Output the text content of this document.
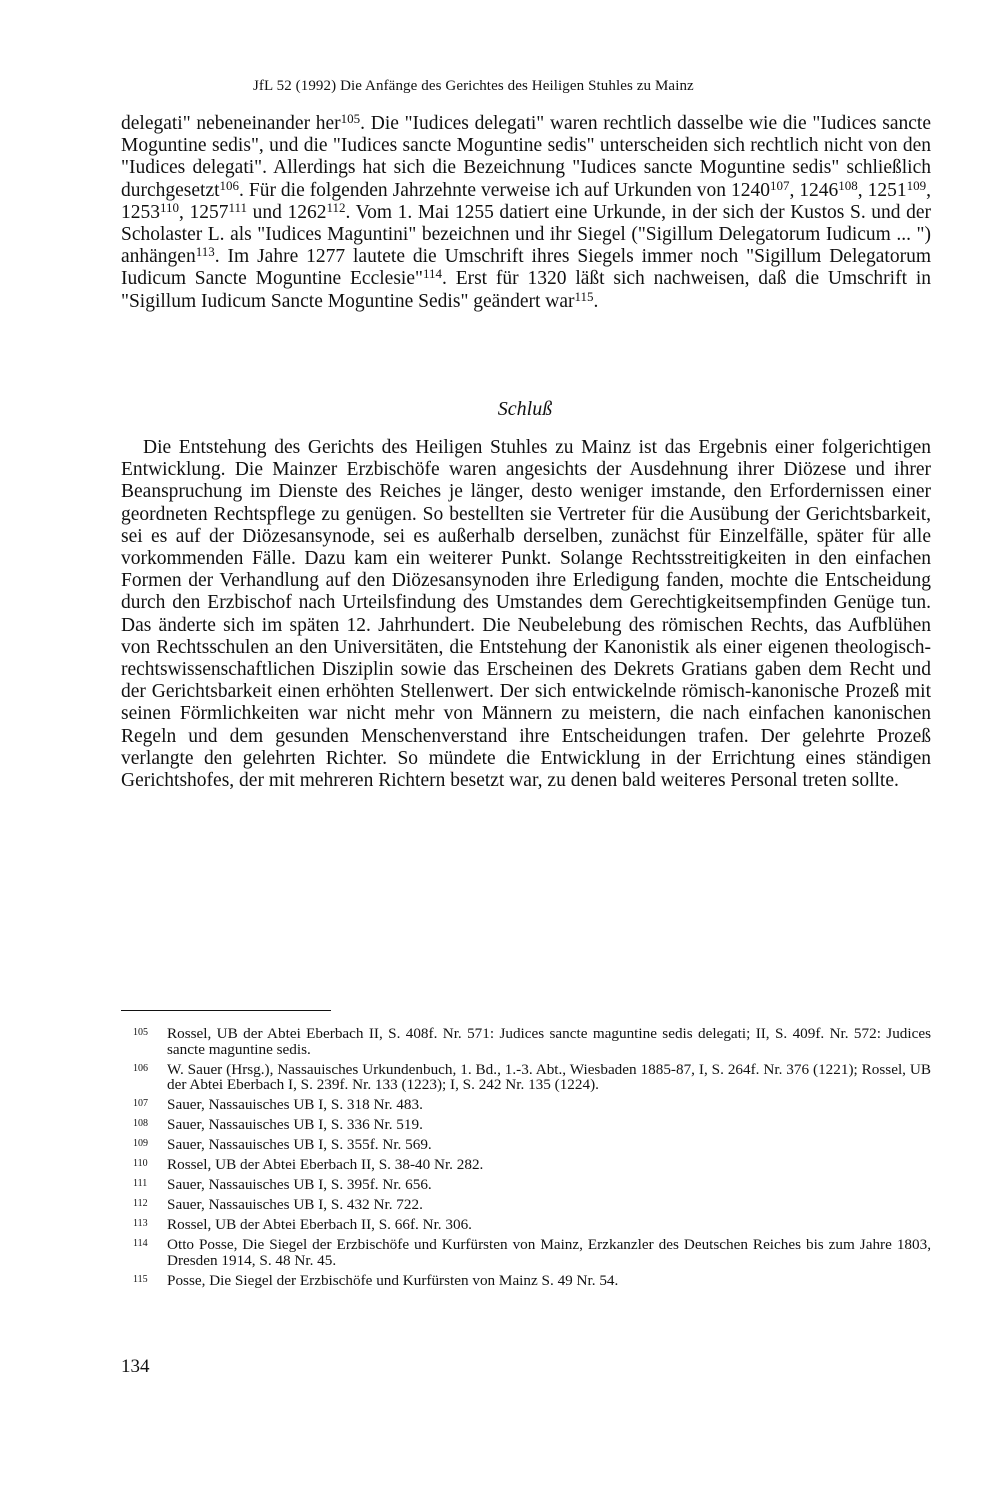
JfL 52 (1992) Die Anfänge des Gerichtes des Heiligen Stuhles zu Mainz

delegati" nebeneinander her$^{105}$. Die "Iudices delegati" waren rechtlich dasselbe wie die "Iudices sancte Moguntine sedis", und die "Iudices sancte Moguntine sedis" unterscheiden sich rechtlich nicht von den "Iudices delegati". Allerdings hat sich die Bezeichnung "Iudices sancte Moguntine sedis" schließlich durchgesetzt$^{106}$. Für die folgenden Jahrzehnte verweise ich auf Urkunden von 1240$^{107}$, 1246$^{108}$, 1251$^{109}$, 1253$^{110}$, 1257$^{111}$ und 1262$^{112}$. Vom 1. Mai 1255 datiert eine Urkunde, in der sich der Kustos S. und der Scholaster L. als "Iudices Maguntini" bezeichnen und ihr Siegel ("Sigillum Delegatorum Iudicum ... ") anhängen$^{113}$. Im Jahre 1277 lautete die Umschrift ihres Siegels immer noch "Sigillum Delegatorum Iudicum Sancte Moguntine Ecclesie"$^{114}$. Erst für 1320 läßt sich nachweisen, daß die Umschrift in "Sigillum Iudicum Sancte Moguntine Sedis" geändert war$^{115}$.

Schluß

Die Entstehung des Gerichts des Heiligen Stuhles zu Mainz ist das Ergebnis einer folgerichtigen Entwicklung. Die Mainzer Erzbischöfe waren angesichts der Ausdehnung ihrer Diözese und ihrer Beanspruchung im Dienste des Reiches je länger, desto weniger imstande, den Erfordernissen einer geordneten Rechtspflege zu genügen. So bestellten sie Vertreter für die Ausübung der Gerichtsbarkeit, sei es auf der Diözesansynode, sei es außerhalb derselben, zunächst für Einzelfälle, später für alle vorkommenden Fälle. Dazu kam ein weiterer Punkt. Solange Rechtsstreitigkeiten in den einfachen Formen der Verhandlung auf den Diözesansynoden ihre Erledigung fanden, mochte die Entscheidung durch den Erzbischof nach Urteilsfindung des Umstandes dem Gerechtigkeitsempfinden Genüge tun. Das änderte sich im späten 12. Jahrhundert. Die Neubelebung des römischen Rechts, das Aufblühen von Rechtsschulen an den Universitäten, die Entstehung der Kanonistik als einer eigenen theologisch-rechtswissenschaftlichen Disziplin sowie das Erscheinen des Dekrets Gratians gaben dem Recht und der Gerichtsbarkeit einen erhöhten Stellenwert. Der sich entwickelnde römisch-kanonische Prozeß mit seinen Förmlichkeiten war nicht mehr von Männern zu meistern, die nach einfachen kanonischen Regeln und dem gesunden Menschenverstand ihre Entscheidungen trafen. Der gelehrte Prozeß verlangte den gelehrten Richter. So mündete die Entwicklung in der Errichtung eines ständigen Gerichtshofes, der mit mehreren Richtern besetzt war, zu denen bald weiteres Personal treten sollte.

105 Rossel, UB der Abtei Eberbach II, S. 408f. Nr. 571: Judices sancte maguntine sedis delegati; II, S. 409f. Nr. 572: Judices sancte maguntine sedis.
106 W. Sauer (Hrsg.), Nassauisches Urkundenbuch, 1. Bd., 1.-3. Abt., Wiesbaden 1885-87, I, S. 264f. Nr. 376 (1221); Rossel, UB der Abtei Eberbach I, S. 239f. Nr. 133 (1223); I, S. 242 Nr. 135 (1224).
107 Sauer, Nassauisches UB I, S. 318 Nr. 483.
108 Sauer, Nassauisches UB I, S. 336 Nr. 519.
109 Sauer, Nassauisches UB I, S. 355f. Nr. 569.
110 Rossel, UB der Abtei Eberbach II, S. 38-40 Nr. 282.
111 Sauer, Nassauisches UB I, S. 395f. Nr. 656.
112 Sauer, Nassauisches UB I, S. 432 Nr. 722.
113 Rossel, UB der Abtei Eberbach II, S. 66f. Nr. 306.
114 Otto Posse, Die Siegel der Erzbischöfe und Kurfürsten von Mainz, Erzkanzler des Deutschen Reiches bis zum Jahre 1803, Dresden 1914, S. 48 Nr. 45.
115 Posse, Die Siegel der Erzbischöfe und Kurfürsten von Mainz S. 49 Nr. 54.
134
